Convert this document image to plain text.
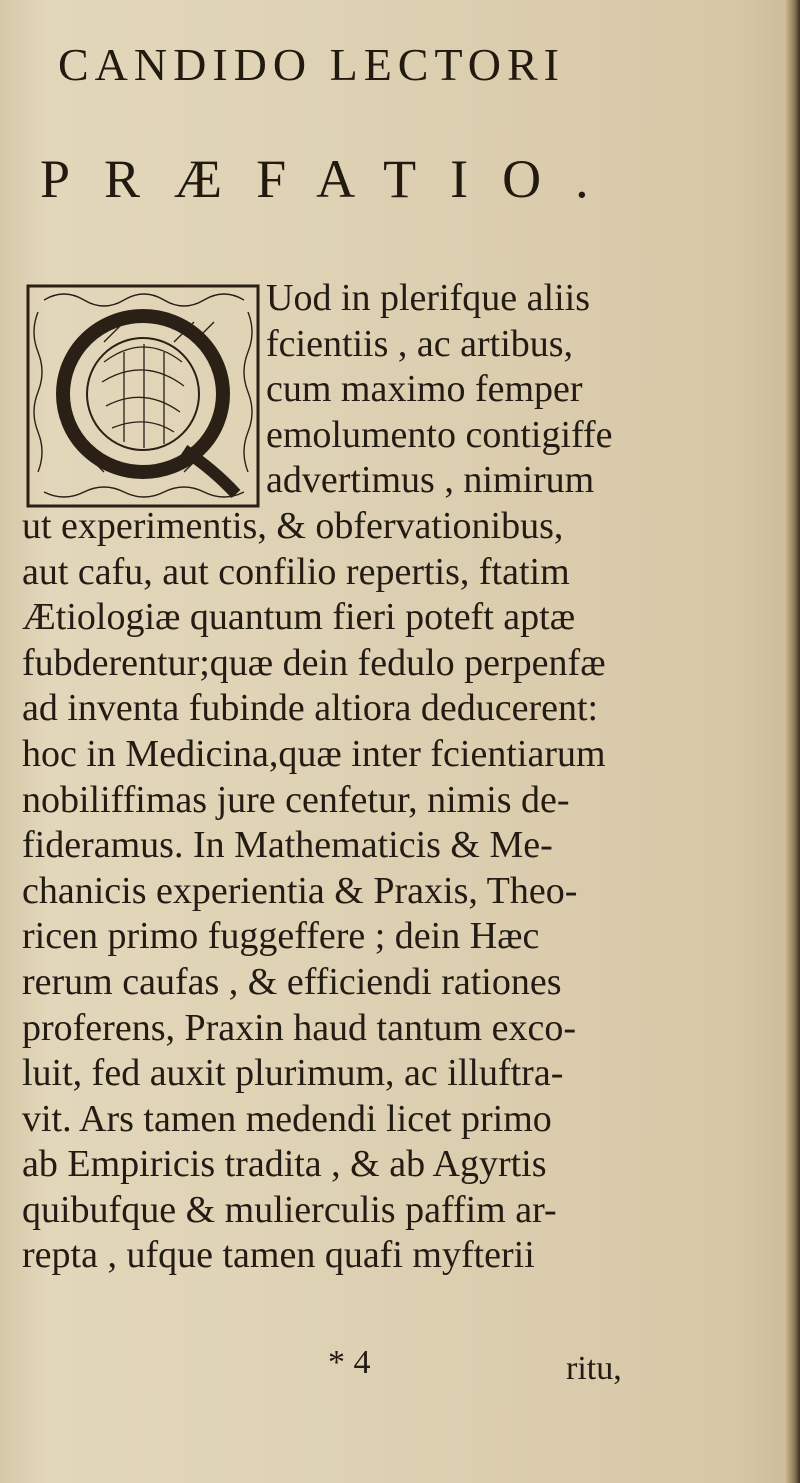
CANDIDO LECTORI
PRÆFATIO.
Uod in plerifque aliis
fcientiis , ac artibus,
cum maximo femper
emolumento contigiffe
advertimus , nimirum
ut experimentis, & obfervationibus,
aut cafu, aut confilio repertis, ftatim
Ætiologiæ quantum fieri poteft aptæ
fubderentur;quæ dein fedulo perpenfæ
ad inventa fubinde altiora deducerent:
hoc in Medicina,quæ inter fcientiarum
nobiliffimas jure cenfetur, nimis de-
fideramus. In Mathematicis & Me-
chanicis experientia & Praxis, Theo-
ricen primo fuggeffere ; dein Hæc
rerum caufas , & efficiendi rationes
proferens, Praxin haud tantum exco-
luit, fed auxit plurimum, ac illuftra-
vit. Ars tamen medendi licet primo
ab Empiricis tradita , & ab Agyrtis
quibufque & mulierculis paffim ar-
repta , ufque tamen quafi myfterii
* 4	ritu,
